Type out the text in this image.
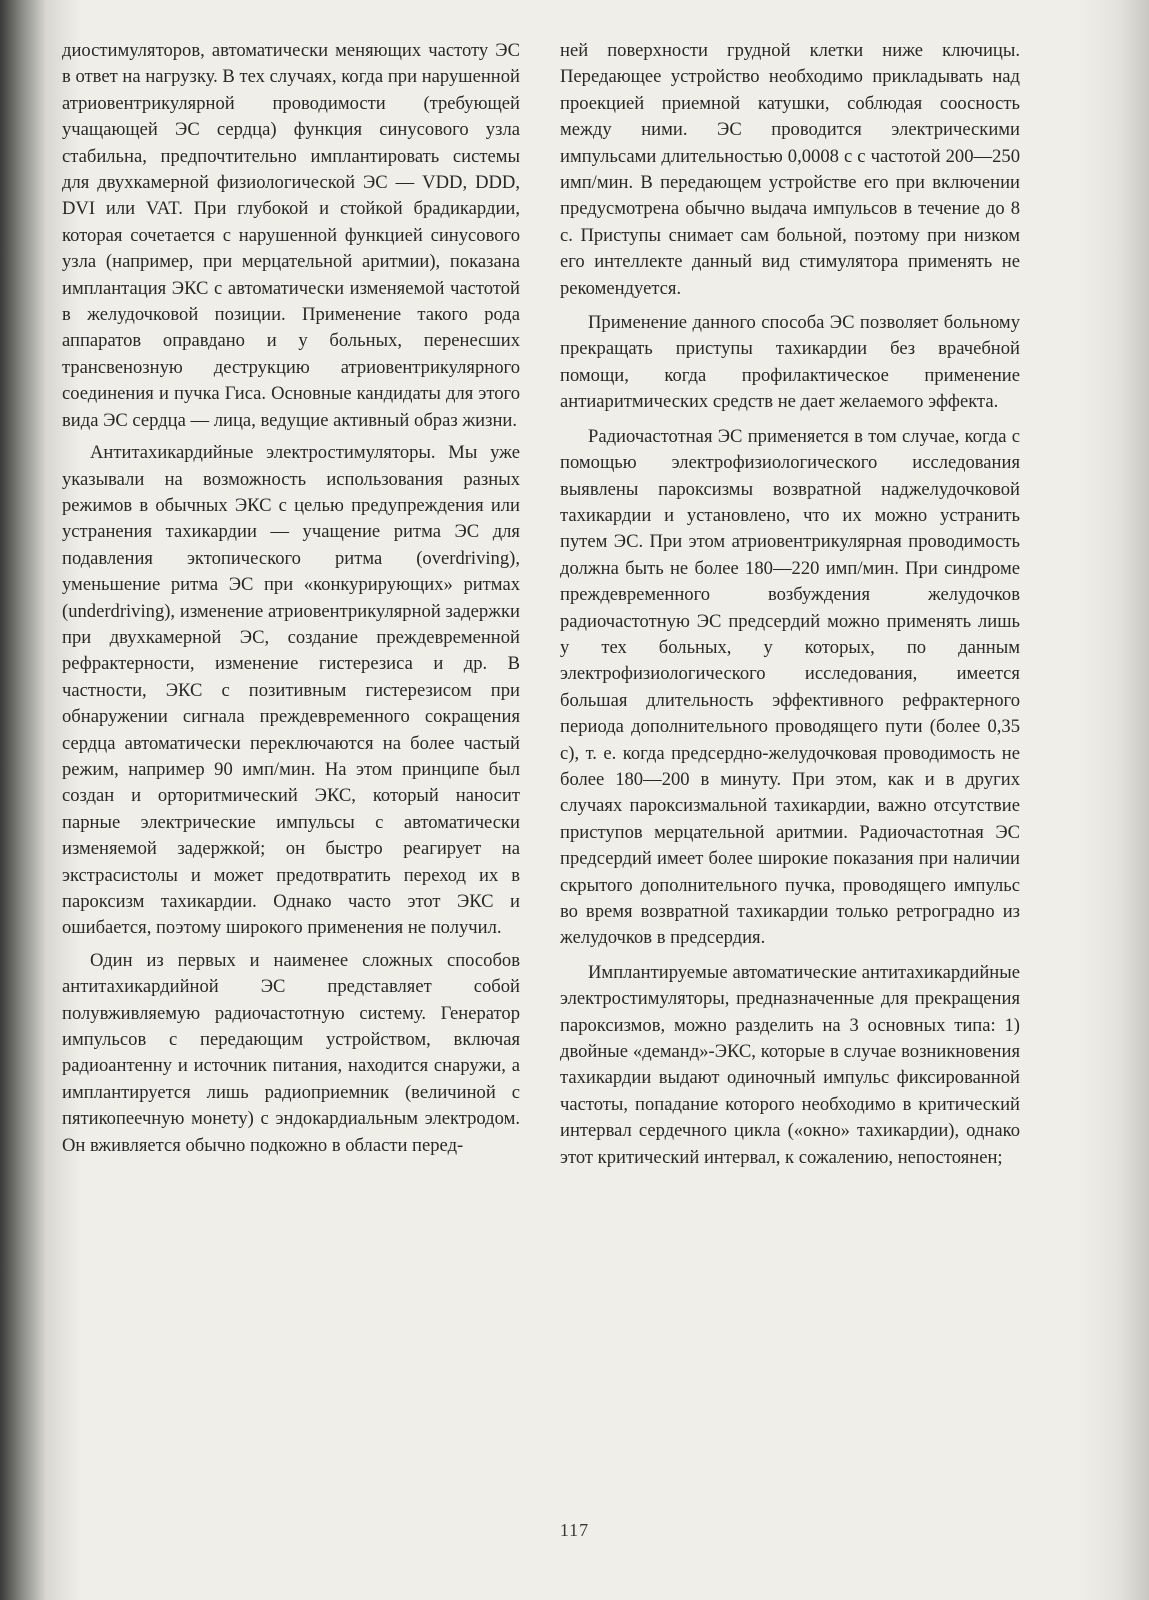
диостимуляторов, автоматически меняющих частоту ЭС в ответ на нагрузку. В тех случаях, когда при нарушенной атриовентрикулярной проводимости (требующей учащающей ЭС сердца) функция синусового узла стабильна, предпочтительно имплантировать системы для двухкамерной физиологической ЭС — VDD, DDD, DVI или VAT. При глубокой и стойкой брадикардии, которая сочетается с нарушенной функцией синусового узла (например, при мерцательной аритмии), показана имплантация ЭКС с автоматически изменяемой частотой в желудочковой позиции. Применение такого рода аппаратов оправдано и у больных, перенесших трансвенозную деструкцию атриовентрикулярного соединения и пучка Гиса. Основные кандидаты для этого вида ЭС сердца — лица, ведущие активный образ жизни.

Антитахикардийные электростимуляторы. Мы уже указывали на возможность использования разных режимов в обычных ЭКС с целью предупреждения или устранения тахикардии — учащение ритма ЭС для подавления эктопического ритма (overdriving), уменьшение ритма ЭС при «конкурирующих» ритмах (underdriving), изменение атриовентрикулярной задержки при двухкамерной ЭС, создание преждевременной рефрактерности, изменение гистерезиса и др. В частности, ЭКС с позитивным гистерезисом при обнаружении сигнала преждевременного сокращения сердца автоматически переключаются на более частый режим, например 90 имп/мин. На этом принципе был создан и орторитмический ЭКС, который наносит парные электрические импульсы с автоматически изменяемой задержкой; он быстро реагирует на экстрасистолы и может предотвратить переход их в пароксизм тахикардии. Однако часто этот ЭКС и ошибается, поэтому широкого применения не получил.

Один из первых и наименее сложных способов антитахикардийной ЭС представляет собой полувживляемую радиочастотную систему. Генератор импульсов с передающим устройством, включая радиоантенну и источник питания, находится снаружи, а имплантируется лишь радиоприемник (величиной с пятикопеечную монету) с эндокардиальным электродом. Он вживляется обычно подкожно в области перед-

ней поверхности грудной клетки ниже ключицы. Передающее устройство необходимо прикладывать над проекцией приемной катушки, соблюдая соосность между ними. ЭС проводится электрическими импульсами длительностью 0,0008 с с частотой 200—250 имп/мин. В передающем устройстве его при включении предусмотрена обычно выдача импульсов в течение до 8 с. Приступы снимает сам больной, поэтому при низком его интеллекте данный вид стимулятора применять не рекомендуется.

Применение данного способа ЭС позволяет больному прекращать приступы тахикардии без врачебной помощи, когда профилактическое применение антиаритмических средств не дает желаемого эффекта.

Радиочастотная ЭС применяется в том случае, когда с помощью электрофизиологического исследования выявлены пароксизмы возвратной наджелудочковой тахикардии и установлено, что их можно устранить путем ЭС. При этом атриовентрикулярная проводимость должна быть не более 180—220 имп/мин. При синдроме преждевременного возбуждения желудочков радиочастотную ЭС предсердий можно применять лишь у тех больных, у которых, по данным электрофизиологического исследования, имеется большая длительность эффективного рефрактерного периода дополнительного проводящего пути (более 0,35 с), т. е. когда предсердно-желудочковая проводимость не более 180—200 в минуту. При этом, как и в других случаях пароксизмальной тахикардии, важно отсутствие приступов мерцательной аритмии. Радиочастотная ЭС предсердий имеет более широкие показания при наличии скрытого дополнительного пучка, проводящего импульс во время возвратной тахикардии только ретроградно из желудочков в предсердия.

Имплантируемые автоматические антитахикардийные электростимуляторы, предназначенные для прекращения пароксизмов, можно разделить на 3 основных типа: 1) двойные «деманд»-ЭКС, которые в случае возникновения тахикардии выдают одиночный импульс фиксированной частоты, попадание которого необходимо в критический интервал сердечного цикла («окно» тахикардии), однако этот критический интервал, к сожалению, непостоянен;

117
